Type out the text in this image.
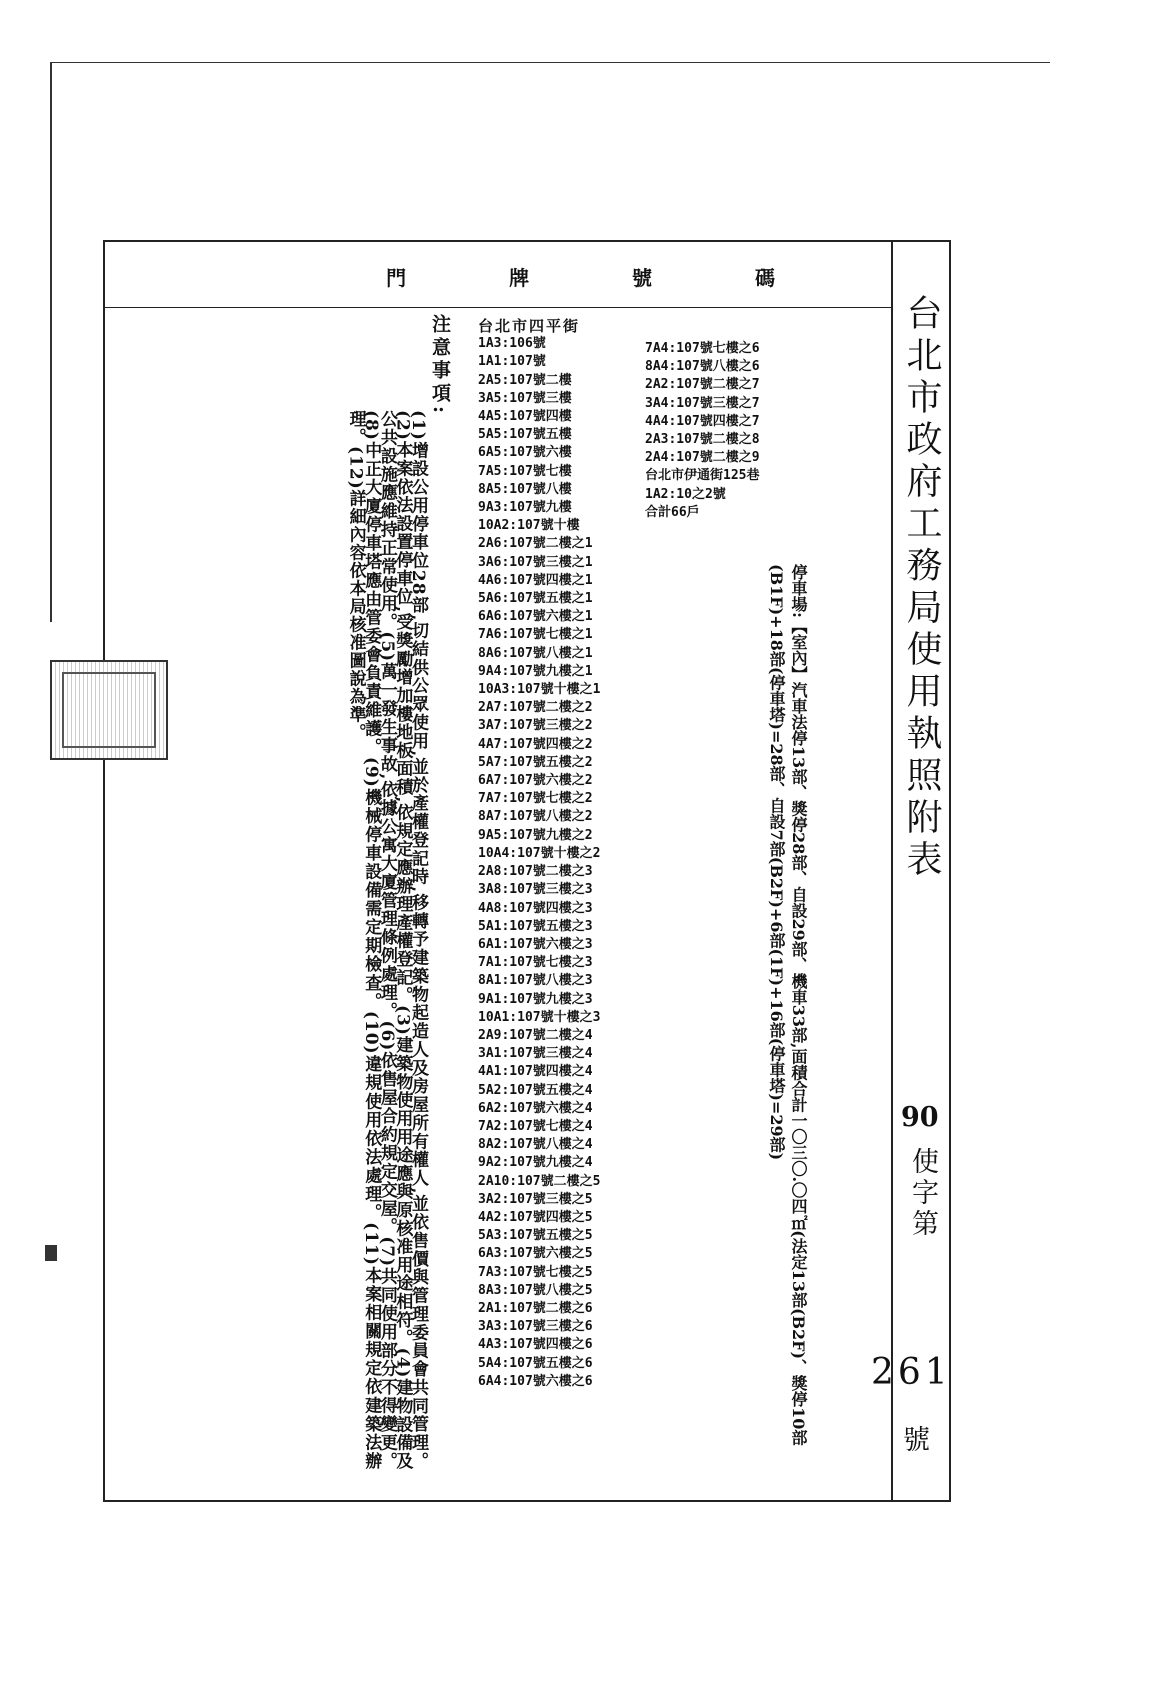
門 牌 號 碼
注意事項:
(1)增設公用停車位28部,切結供公眾使用,並於產權登記時,移轉予建築物起造人及房屋所有權人,並依售價與管理委員會共同管理。(2)本案依法設置停車位,受獎勵增加樓地板面積,依規定應辦理產權登記。(3)建築物使用用途應與原核准用途相符。(4)建物設備及公共設施應維持正常使用。(5)萬一發生事故,依據公寓大廈管理條例處理。(6)依售屋合約規定交屋。(7)共同使用部分不得變更。(8)中正大廈停車塔應由管委會負責維護。(9)機械停車設備需定期檢查。(10)違規使用依法處理。(11)本案相關規定依建築法辦理。(12)詳細內容依本局核准圖說為準。
台北市四平街
1A3:106號
1A1:107號
2A5:107號二樓
3A5:107號三樓
4A5:107號四樓
5A5:107號五樓
6A5:107號六樓
7A5:107號七樓
8A5:107號八樓
9A3:107號九樓
10A2:107號十樓
2A6:107號二樓之1
3A6:107號三樓之1
4A6:107號四樓之1
5A6:107號五樓之1
6A6:107號六樓之1
7A6:107號七樓之1
8A6:107號八樓之1
9A4:107號九樓之1
10A3:107號十樓之1
2A7:107號二樓之2
3A7:107號三樓之2
4A7:107號四樓之2
5A7:107號五樓之2
6A7:107號六樓之2
7A7:107號七樓之2
8A7:107號八樓之2
9A5:107號九樓之2
10A4:107號十樓之2
2A8:107號二樓之3
3A8:107號三樓之3
4A8:107號四樓之3
5A1:107號五樓之3
6A1:107號六樓之3
7A1:107號七樓之3
8A1:107號八樓之3
9A1:107號九樓之3
10A1:107號十樓之3
2A9:107號二樓之4
3A1:107號三樓之4
4A1:107號四樓之4
5A2:107號五樓之4
6A2:107號六樓之4
7A2:107號七樓之4
8A2:107號八樓之4
9A2:107號九樓之4
2A10:107號二樓之5
3A2:107號三樓之5
4A2:107號四樓之5
5A3:107號五樓之5
6A3:107號六樓之5
7A3:107號七樓之5
8A3:107號八樓之5
2A1:107號二樓之6
3A3:107號三樓之6
4A3:107號四樓之6
5A4:107號五樓之6
6A4:107號六樓之6
7A4:107號七樓之6
8A4:107號八樓之6
2A2:107號二樓之7
3A4:107號三樓之7
4A4:107號四樓之7
2A3:107號二樓之8
2A4:107號二樓之9
台北市伊通街125巷
1A2:10之2號
合計66戶
停車場:【室內】汽車法停13部、獎停28部、自設29部、機車33部,面積合計一〇三〇.〇四㎡(法定13部(B2F)、獎停10部(B1F)+18部(停車塔)=28部、自設7部(B2F)+6部(1F)+16部(停車塔)=29部)	台北市政府工務局使用執照附表
90
使字第
261
號
